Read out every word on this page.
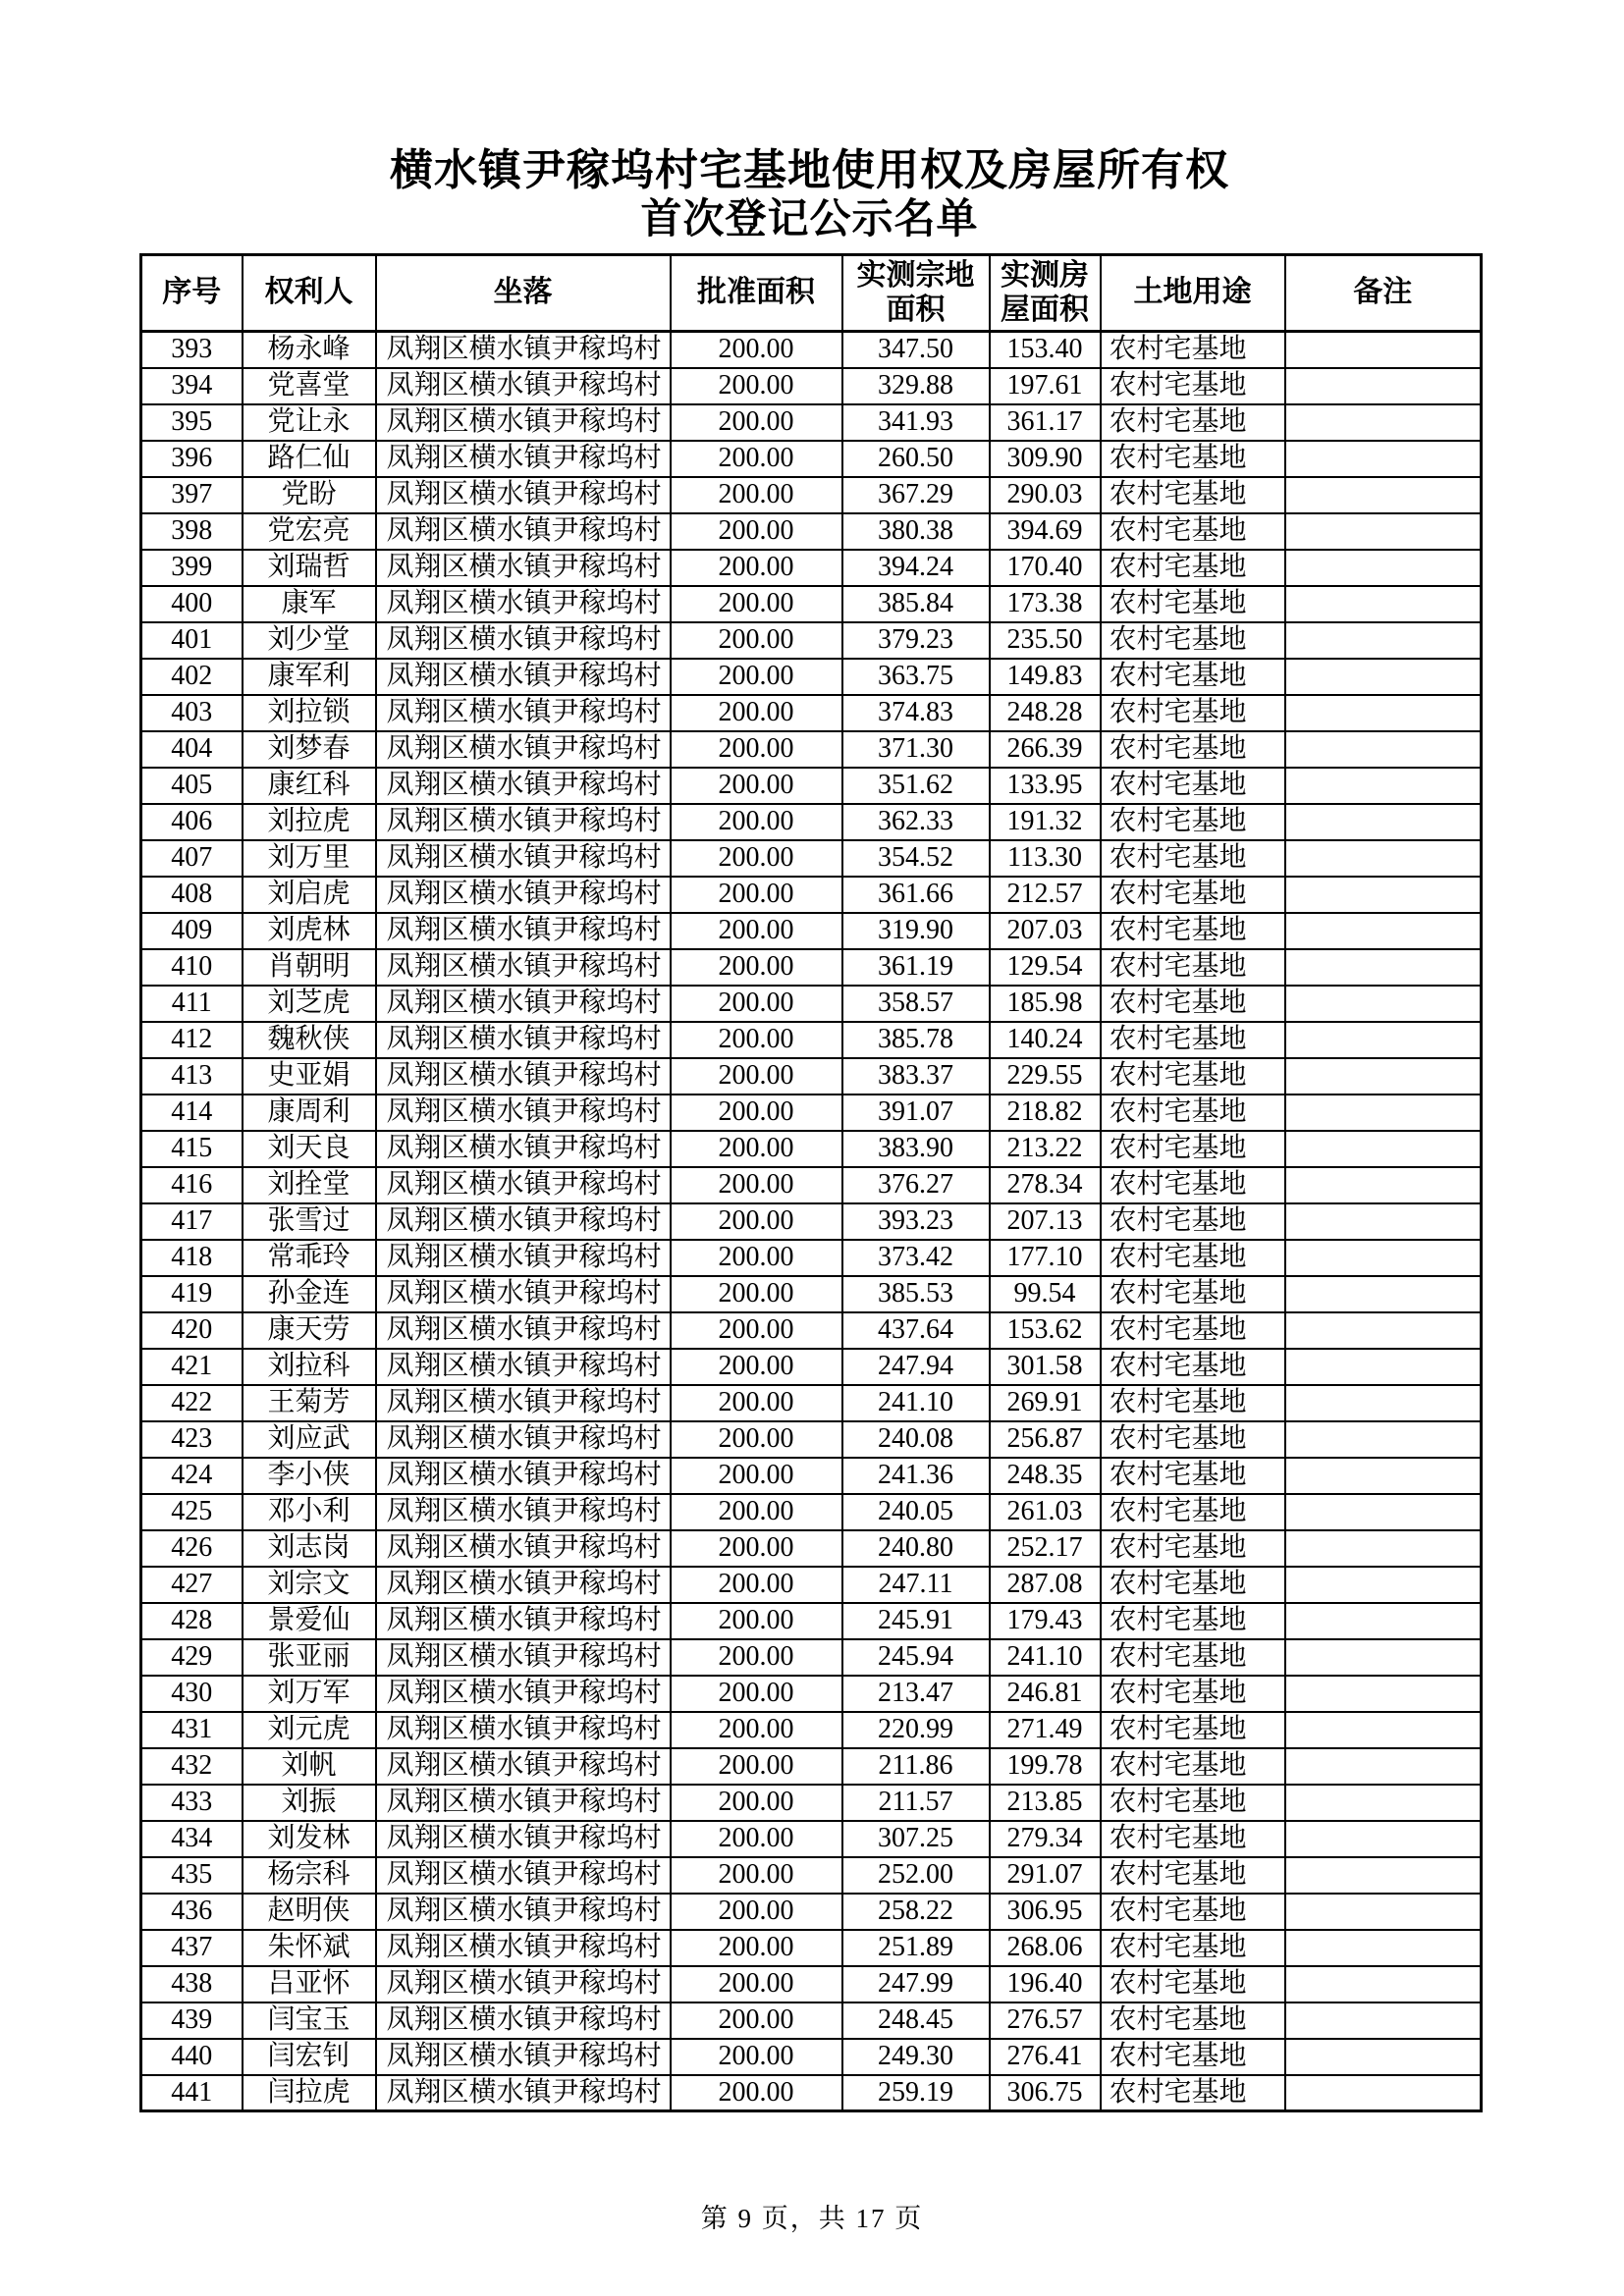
横水镇尹稼坞村宅基地使用权及房屋所有权
首次登记公示名单
序号	权利人	坐落	批准面积	实测宗地面积	实测房屋面积	土地用途	备注
393	杨永峰	凤翔区横水镇尹稼坞村	200.00	347.50	153.40	农村宅基地	
394	党喜堂	凤翔区横水镇尹稼坞村	200.00	329.88	197.61	农村宅基地	
395	党让永	凤翔区横水镇尹稼坞村	200.00	341.93	361.17	农村宅基地	
396	路仁仙	凤翔区横水镇尹稼坞村	200.00	260.50	309.90	农村宅基地	
397	党盼	凤翔区横水镇尹稼坞村	200.00	367.29	290.03	农村宅基地	
398	党宏亮	凤翔区横水镇尹稼坞村	200.00	380.38	394.69	农村宅基地	
399	刘瑞哲	凤翔区横水镇尹稼坞村	200.00	394.24	170.40	农村宅基地	
400	康军	凤翔区横水镇尹稼坞村	200.00	385.84	173.38	农村宅基地	
401	刘少堂	凤翔区横水镇尹稼坞村	200.00	379.23	235.50	农村宅基地	
402	康军利	凤翔区横水镇尹稼坞村	200.00	363.75	149.83	农村宅基地	
403	刘拉锁	凤翔区横水镇尹稼坞村	200.00	374.83	248.28	农村宅基地	
404	刘梦春	凤翔区横水镇尹稼坞村	200.00	371.30	266.39	农村宅基地	
405	康红科	凤翔区横水镇尹稼坞村	200.00	351.62	133.95	农村宅基地	
406	刘拉虎	凤翔区横水镇尹稼坞村	200.00	362.33	191.32	农村宅基地	
407	刘万里	凤翔区横水镇尹稼坞村	200.00	354.52	113.30	农村宅基地	
408	刘启虎	凤翔区横水镇尹稼坞村	200.00	361.66	212.57	农村宅基地	
409	刘虎林	凤翔区横水镇尹稼坞村	200.00	319.90	207.03	农村宅基地	
410	肖朝明	凤翔区横水镇尹稼坞村	200.00	361.19	129.54	农村宅基地	
411	刘芝虎	凤翔区横水镇尹稼坞村	200.00	358.57	185.98	农村宅基地	
412	魏秋侠	凤翔区横水镇尹稼坞村	200.00	385.78	140.24	农村宅基地	
413	史亚娟	凤翔区横水镇尹稼坞村	200.00	383.37	229.55	农村宅基地	
414	康周利	凤翔区横水镇尹稼坞村	200.00	391.07	218.82	农村宅基地	
415	刘天良	凤翔区横水镇尹稼坞村	200.00	383.90	213.22	农村宅基地	
416	刘拴堂	凤翔区横水镇尹稼坞村	200.00	376.27	278.34	农村宅基地	
417	张雪过	凤翔区横水镇尹稼坞村	200.00	393.23	207.13	农村宅基地	
418	常乖玲	凤翔区横水镇尹稼坞村	200.00	373.42	177.10	农村宅基地	
419	孙金连	凤翔区横水镇尹稼坞村	200.00	385.53	99.54	农村宅基地	
420	康天劳	凤翔区横水镇尹稼坞村	200.00	437.64	153.62	农村宅基地	
421	刘拉科	凤翔区横水镇尹稼坞村	200.00	247.94	301.58	农村宅基地	
422	王菊芳	凤翔区横水镇尹稼坞村	200.00	241.10	269.91	农村宅基地	
423	刘应武	凤翔区横水镇尹稼坞村	200.00	240.08	256.87	农村宅基地	
424	李小侠	凤翔区横水镇尹稼坞村	200.00	241.36	248.35	农村宅基地	
425	邓小利	凤翔区横水镇尹稼坞村	200.00	240.05	261.03	农村宅基地	
426	刘志岗	凤翔区横水镇尹稼坞村	200.00	240.80	252.17	农村宅基地	
427	刘宗文	凤翔区横水镇尹稼坞村	200.00	247.11	287.08	农村宅基地	
428	景爱仙	凤翔区横水镇尹稼坞村	200.00	245.91	179.43	农村宅基地	
429	张亚丽	凤翔区横水镇尹稼坞村	200.00	245.94	241.10	农村宅基地	
430	刘万军	凤翔区横水镇尹稼坞村	200.00	213.47	246.81	农村宅基地	
431	刘元虎	凤翔区横水镇尹稼坞村	200.00	220.99	271.49	农村宅基地	
432	刘帆	凤翔区横水镇尹稼坞村	200.00	211.86	199.78	农村宅基地	
433	刘振	凤翔区横水镇尹稼坞村	200.00	211.57	213.85	农村宅基地	
434	刘发林	凤翔区横水镇尹稼坞村	200.00	307.25	279.34	农村宅基地	
435	杨宗科	凤翔区横水镇尹稼坞村	200.00	252.00	291.07	农村宅基地	
436	赵明侠	凤翔区横水镇尹稼坞村	200.00	258.22	306.95	农村宅基地	
437	朱怀斌	凤翔区横水镇尹稼坞村	200.00	251.89	268.06	农村宅基地	
438	吕亚怀	凤翔区横水镇尹稼坞村	200.00	247.99	196.40	农村宅基地	
439	闫宝玉	凤翔区横水镇尹稼坞村	200.00	248.45	276.57	农村宅基地	
440	闫宏钊	凤翔区横水镇尹稼坞村	200.00	249.30	276.41	农村宅基地	
441	闫拉虎	凤翔区横水镇尹稼坞村	200.00	259.19	306.75	农村宅基地	
第 9 页，共 17 页
